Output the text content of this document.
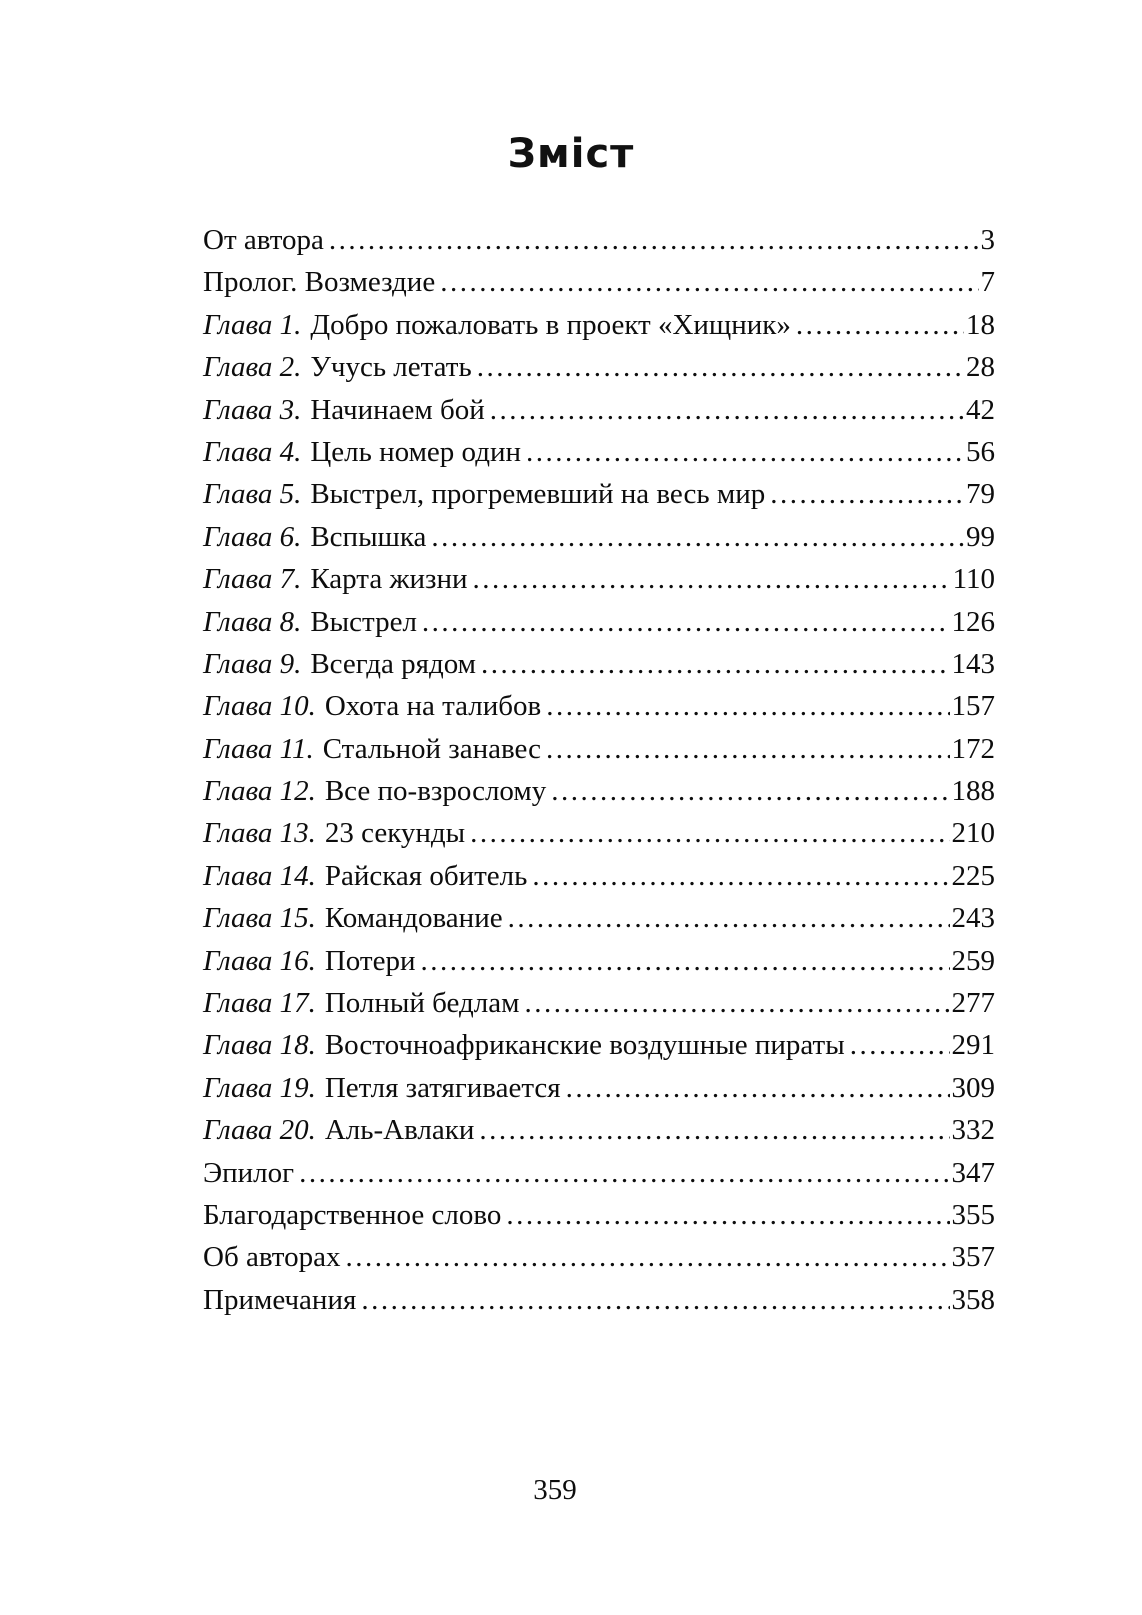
Зміст
От автора .....	3
Пролог. Возмездие .....	7
Глава 1. Добро пожаловать в проект «Хищник» .....	18
Глава 2. Учусь летать .....	28
Глава 3. Начинаем бой .....	42
Глава 4. Цель номер один .....	56
Глава 5. Выстрел, прогремевший на весь мир .....	79
Глава 6. Вспышка .....	99
Глава 7. Карта жизни .....	110
Глава 8. Выстрел .....	126
Глава 9. Всегда рядом .....	143
Глава 10. Охота на талибов .....	157
Глава 11. Стальной занавес .....	172
Глава 12. Все по-взрослому .....	188
Глава 13. 23 секунды .....	210
Глава 14. Райская обитель .....	225
Глава 15. Командование .....	243
Глава 16. Потери .....	259
Глава 17. Полный бедлам .....	277
Глава 18. Восточноафриканские воздушные пираты .....	291
Глава 19. Петля затягивается .....	309
Глава 20. Аль-Авлаки .....	332
Эпилог .....	347
Благодарственное слово .....	355
Об авторах .....	357
Примечания .....	358
359
